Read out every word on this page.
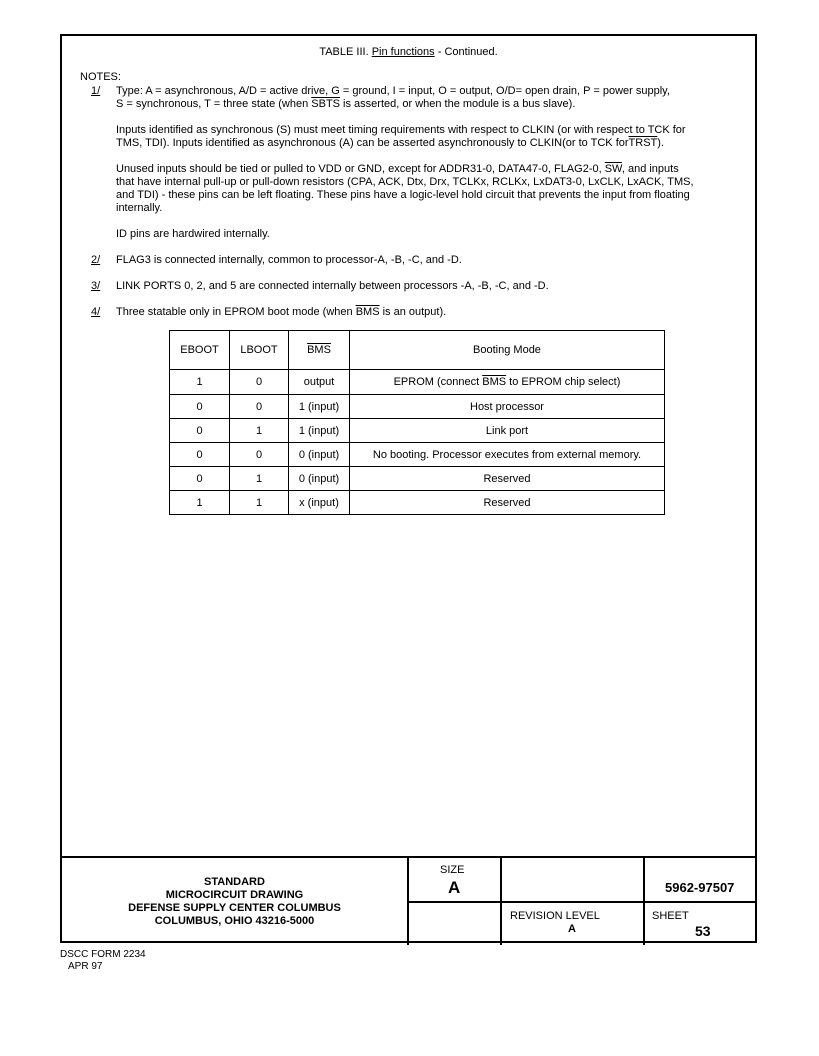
TABLE III. Pin functions - Continued.
NOTES:
1/ Type: A = asynchronous, A/D = active drive, G = ground, I = input, O = output, O/D= open drain, P = power supply,
S = synchronous, T = three state (when SBTS is asserted, or when the module is a bus slave).
Inputs identified as synchronous (S) must meet timing requirements with respect to CLKIN (or with respect to TCK for
TMS, TDI). Inputs identified as asynchronous (A) can be asserted asynchronously to CLKIN(or to TCK forTRST).
Unused inputs should be tied or pulled to VDD or GND, except for ADDR31-0, DATA47-0, FLAG2-0, $\overline{SW}$, and inputs
that have internal pull-up or pull-down resistors (CPA, ACK, Dtx, Drx, TCLKx, RCLKx, LxDAT3-0, LxCLK, LxACK, TMS,
and TDI) - these pins can be left floating. These pins have a logic-level hold circuit that prevents the input from floating
internally.
ID pins are hardwired internally.
2/ FLAG3 is connected internally, common to processor-A, -B, -C, and -D.
3/ LINK PORTS 0, 2, and 5 are connected internally between processors -A, -B, -C, and -D.
4/ Three statable only in EPROM boot mode (when $\overline{BMS}$ is an output).
EBOOT	LBOOT	$\overline{BMS}$	Booting Mode
1	0	output	EPROM (connect $\overline{BMS}$ to EPROM chip select)
0	0	1 (input)	Host processor
0	1	1 (input)	Link port
0	0	0 (input)	No booting. Processor executes from external memory.
0	1	0 (input)	Reserved
1	1	x (input)	Reserved
STANDARD
MICROCIRCUIT DRAWING
DEFENSE SUPPLY CENTER COLUMBUS
COLUMBUS, OHIO 43216-5000
SIZE
A	5962-97507
REVISION LEVEL
A
SHEET
53
DSCC FORM 2234
APR 97
